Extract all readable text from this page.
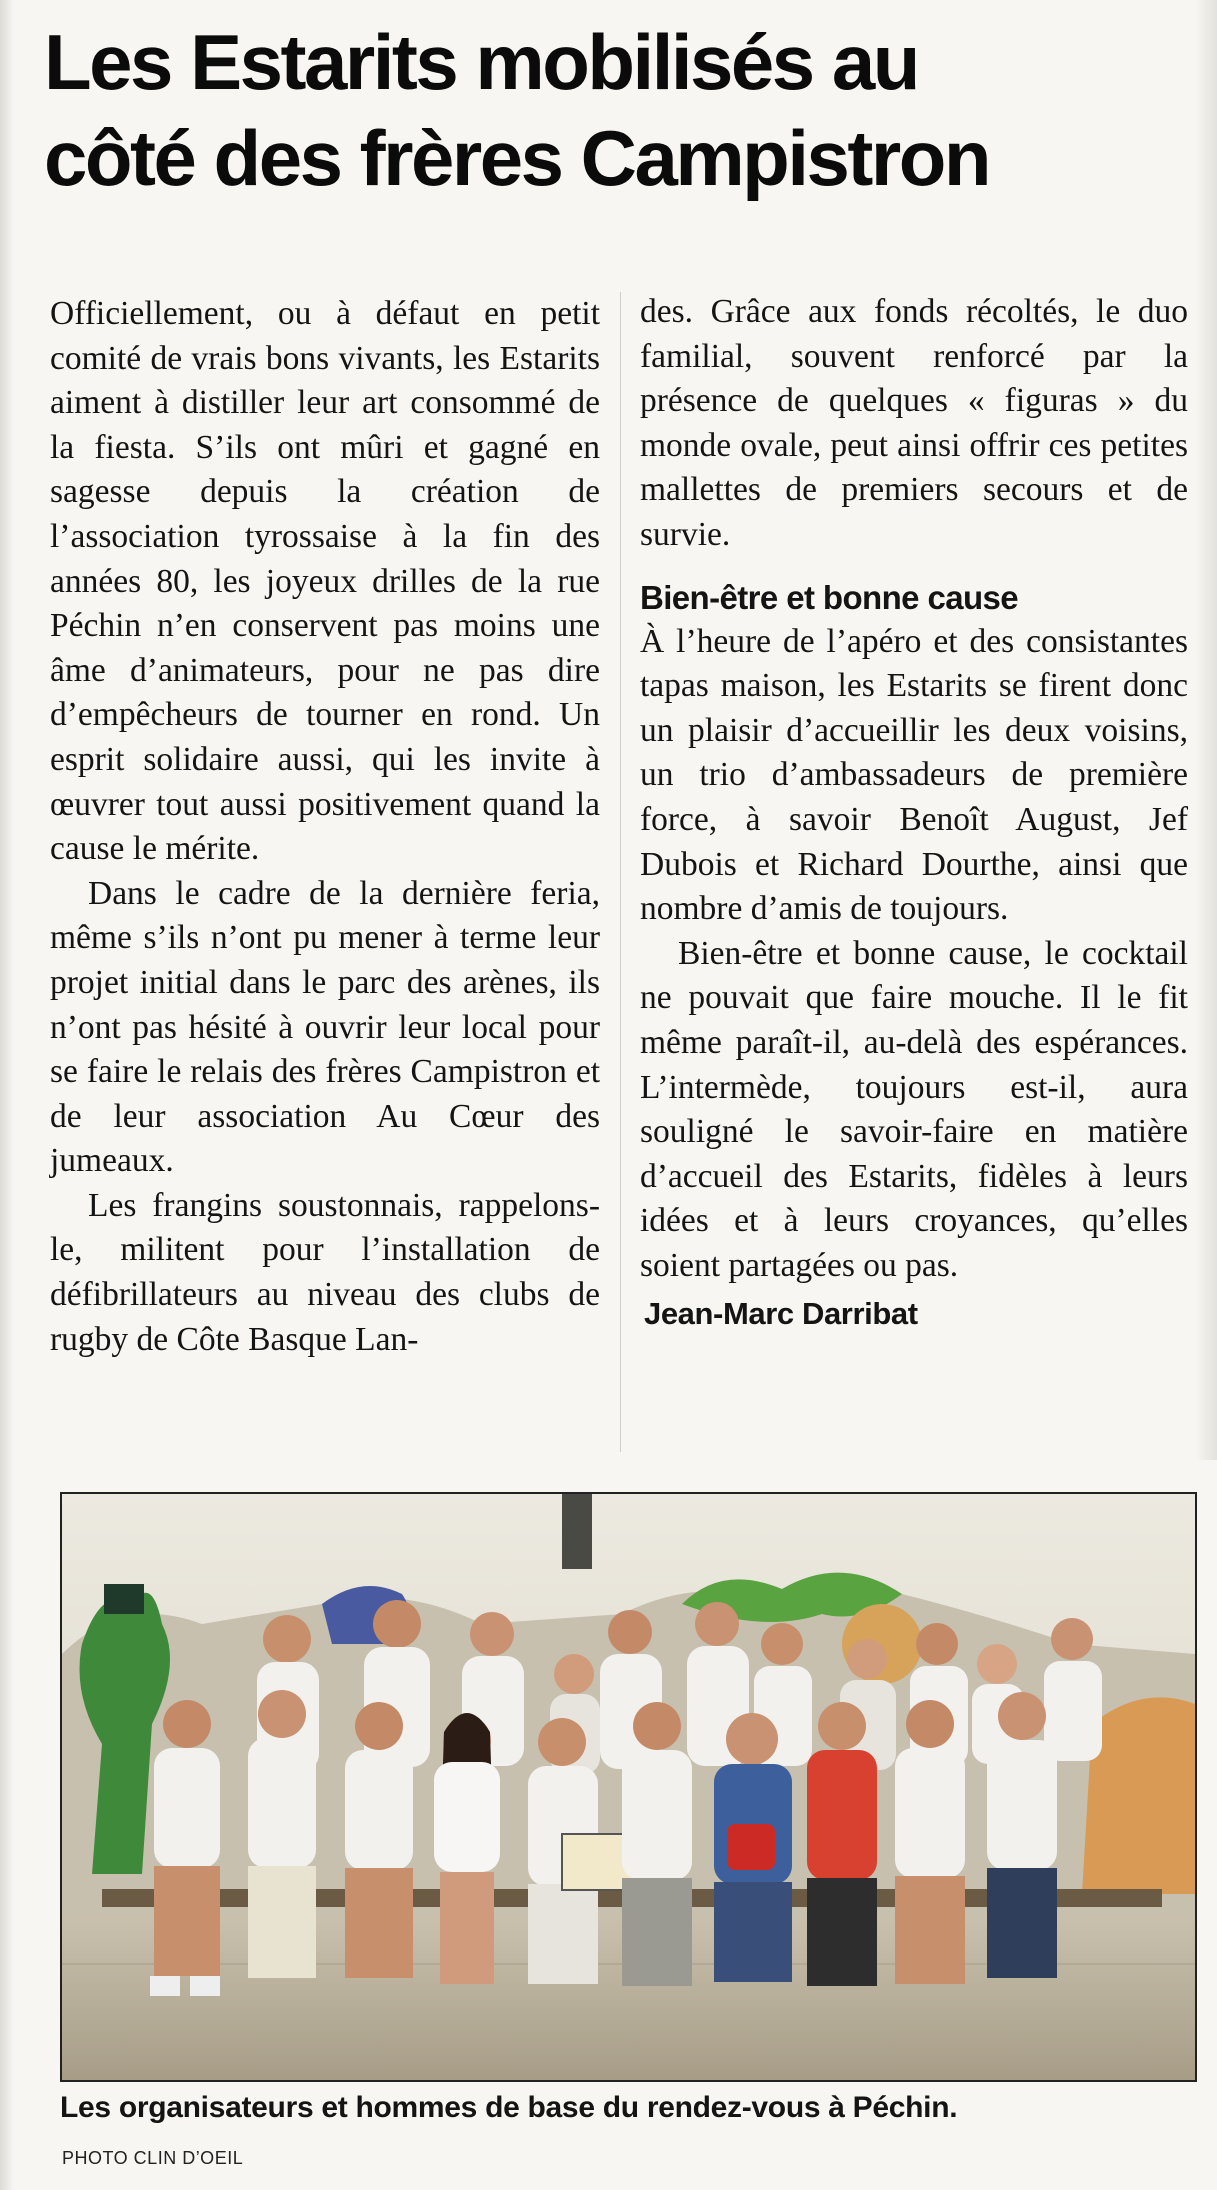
Les Estarits mobilisés au
côté des frères Campistron

Officiellement, ou à défaut en petit comité de vrais bons vivants, les Estarits aiment à distiller leur art consommé de la fiesta. S’ils ont mûri et gagné en sagesse depuis la création de l’association tyrossaise à la fin des années 80, les joyeux drilles de la rue Péchin n’en conservent pas moins une âme d’animateurs, pour ne pas dire d’empêcheurs de tourner en rond. Un esprit solidaire aussi, qui les invite à œuvrer tout aussi positivement quand la cause le mérite.

Dans le cadre de la dernière feria, même s’ils n’ont pu mener à terme leur projet initial dans le parc des arènes, ils n’ont pas hésité à ouvrir leur local pour se faire le relais des frères Campistron et de leur association Au Cœur des jumeaux.

Les frangins soustonnais, rappelons-le, militent pour l’installation de défibrillateurs au niveau des clubs de rugby de Côte Basque Lan-

des. Grâce aux fonds récoltés, le duo familial, souvent renforcé par la présence de quelques « figuras » du monde ovale, peut ainsi offrir ces petites mallettes de premiers secours et de survie.

Bien-être et bonne cause

À l’heure de l’apéro et des consistantes tapas maison, les Estarits se firent donc un plaisir d’accueillir les deux voisins, un trio d’ambassadeurs de première force, à savoir Benoît August, Jef Dubois et Richard Dourthe, ainsi que nombre d’amis de toujours.

Bien-être et bonne cause, le cocktail ne pouvait que faire mouche. Il le fit même paraît-il, au-delà des espérances. L’intermède, toujours est-il, aura souligné le savoir-faire en matière d’accueil des Estarits, fidèles à leurs idées et à leurs croyances, qu’elles soient partagées ou pas.

Jean-Marc Darribat
Les organisateurs et hommes de base du rendez-vous à Péchin.
PHOTO CLIN D’OEIL
